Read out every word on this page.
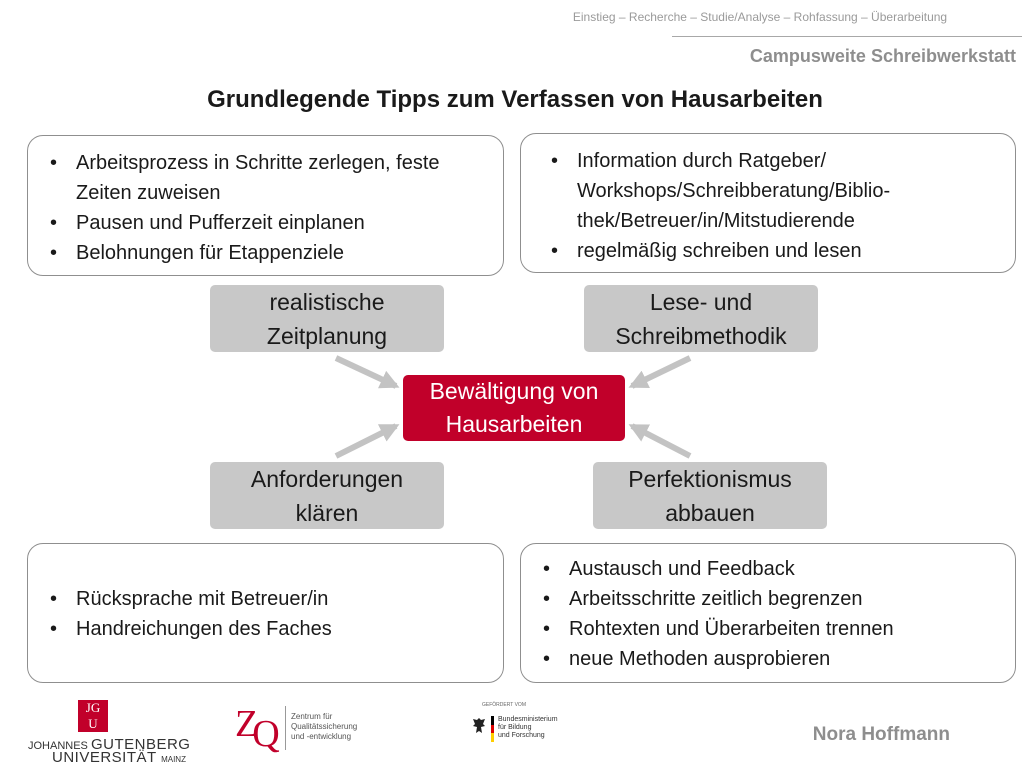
Einstieg – Recherche – Studie/Analyse – Rohfassung – Überarbeitung
Campusweite Schreibwerkstatt
Grundlegende Tipps zum Verfassen von Hausarbeiten
• Arbeitsprozess in Schritte zerlegen, feste Zeiten zuweisen
• Pausen und Pufferzeit einplanen
• Belohnungen für Etappenziele
• Information durch Ratgeber/ Workshops/Schreibberatung/Biblio-thek/Betreuer/in/Mitstudierende
• regelmäßig schreiben und lesen
• Rücksprache mit Betreuer/in
• Handreichungen des Faches
• Austausch und Feedback
• Arbeitsschritte zeitlich begrenzen
• Rohtexten und Überarbeiten trennen
• neue Methoden ausprobieren
realistische
Zeitplanung
Lese- und
Schreibmethodik
Anforderungen
klären
Perfektionismus
abbauen
Bewältigung von
Hausarbeiten
JG
U
JOHANNES GUTENBERG
UNIVERSITÄT MAINZ
ZQ	Zentrum für
Qualitätssicherung
und -entwicklung
GEFÖRDERT VOM
Bundesministerium
für Bildung
und Forschung	Nora Hoffmann
